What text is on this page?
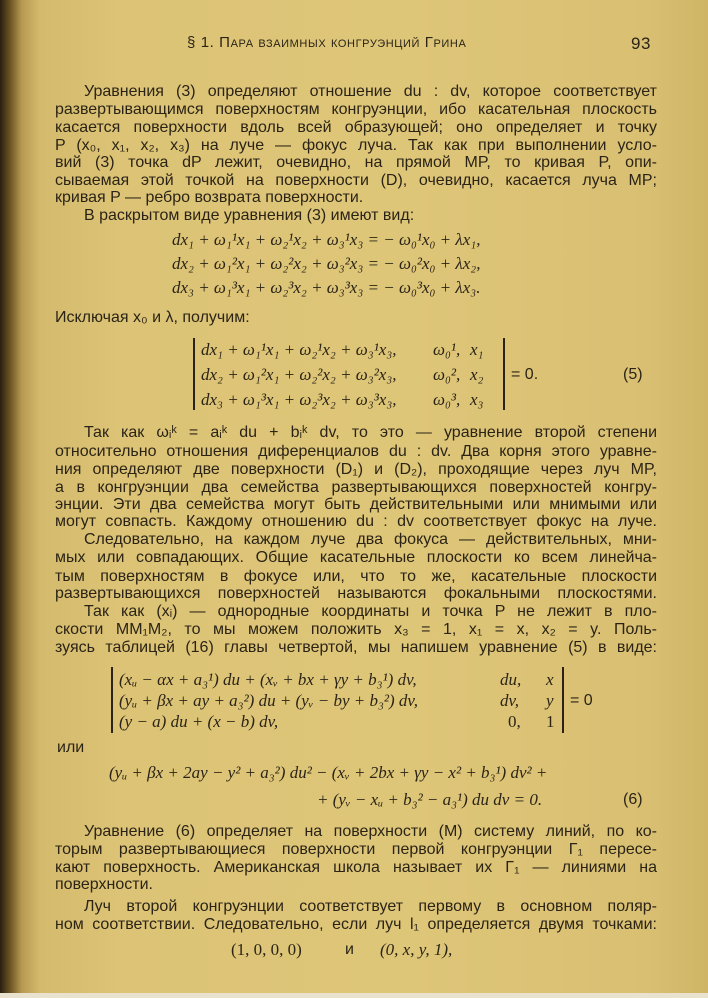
§ 1. Пара взаимных конгруэнций Грина	93
Уравнения (3) определяют отношение du : dv, которое соответствует
развертывающимся поверхностям конгруэнции, ибо касательная плоскость
касается поверхности вдоль всей образующей; оно определяет и точку
P (x₀, x₁, x₂, x₃) на луче — фокус луча. Так как при выполнении усло-
вий (3) точка dP лежит, очевидно, на прямой MP, то кривая P, опи-
сываемая этой точкой на поверхности (D), очевидно, касается луча MP;
кривая P — ребро возврата поверхности.
В раскрытом виде уравнения (3) имеют вид:
dx₁ + ω₁¹x₁ + ω₂¹x₂ + ω₃¹x₃ = − ω₀¹x₀ + λx₁,
dx₂ + ω₁²x₁ + ω₂²x₂ + ω₃²x₃ = − ω₀²x₀ + λx₂,
dx₃ + ω₁³x₁ + ω₂³x₂ + ω₃³x₃ = − ω₀³x₀ + λx₃.
Исключая x₀ и λ, получим:
dx₁ + ω₁¹x₁ + ω₂¹x₂ + ω₃¹x₃, ω₀¹, x₁
dx₂ + ω₁²x₁ + ω₂²x₂ + ω₃²x₃, ω₀², x₂
dx₃ + ω₁³x₁ + ω₂³x₂ + ω₃³x₃, ω₀³, x₃
= 0.	(5)
Так как ωᵢᵏ = aᵢᵏ du + bᵢᵏ dv, то это — уравнение второй степени
относительно отношения диференциалов du : dv. Два корня этого уравне-
ния определяют две поверхности (D₁) и (D₂), проходящие через луч MP,
а в конгруэнции два семейства развертывающихся поверхностей конгру-
энции. Эти два семейства могут быть действительными или мнимыми или
могут совпасть. Каждому отношению du : dv соответствует фокус на луче.
Следовательно, на каждом луче два фокуса — действительных, мни-
мых или совпадающих. Общие касательные плоскости ко всем линейча-
тым поверхностям в фокусе или, что то же, касательные плоскости
развертывающихся поверхностей называются фокальными плоскостями.
Так как (xᵢ) — однородные координаты и точка P не лежит в пло-
скости MM₁M₂, то мы можем положить x₃ = 1, x₁ = x, x₂ = y. Поль-
зуясь таблицей (16) главы четвертой, мы напишем уравнение (5) в виде:
(xᵤ − αx + a₃¹) du + (xᵥ + bx + γy + b₃¹) dv,	du, x
(yᵤ + βx + ay + a₃²) du + (yᵥ − by + b₃²) dv,	dv, y
(y − a) du + (x − b) dv,	0, 1
= 0
или
(yᵤ + βx + 2ay − y² + a₃²) du² − (xᵥ + 2bx + γy − x² + b₃¹) dv² +
+ (yᵥ − xᵤ + b₃² − a₃¹) du dv = 0.	(6)
Уравнение (6) определяет на поверхности (M) систему линий, по ко-
торым развертывающиеся поверхности первой конгруэнции Γ₁ пересе-
кают поверхность. Американская школа называет их Γ₁ — линиями на
поверхности.
Луч второй конгруэнции соответствует первому в основном поляр-
ном соответствии. Следовательно, если луч l₁ определяется двумя точками:
(1, 0, 0, 0)	и (0, x, y, 1),
